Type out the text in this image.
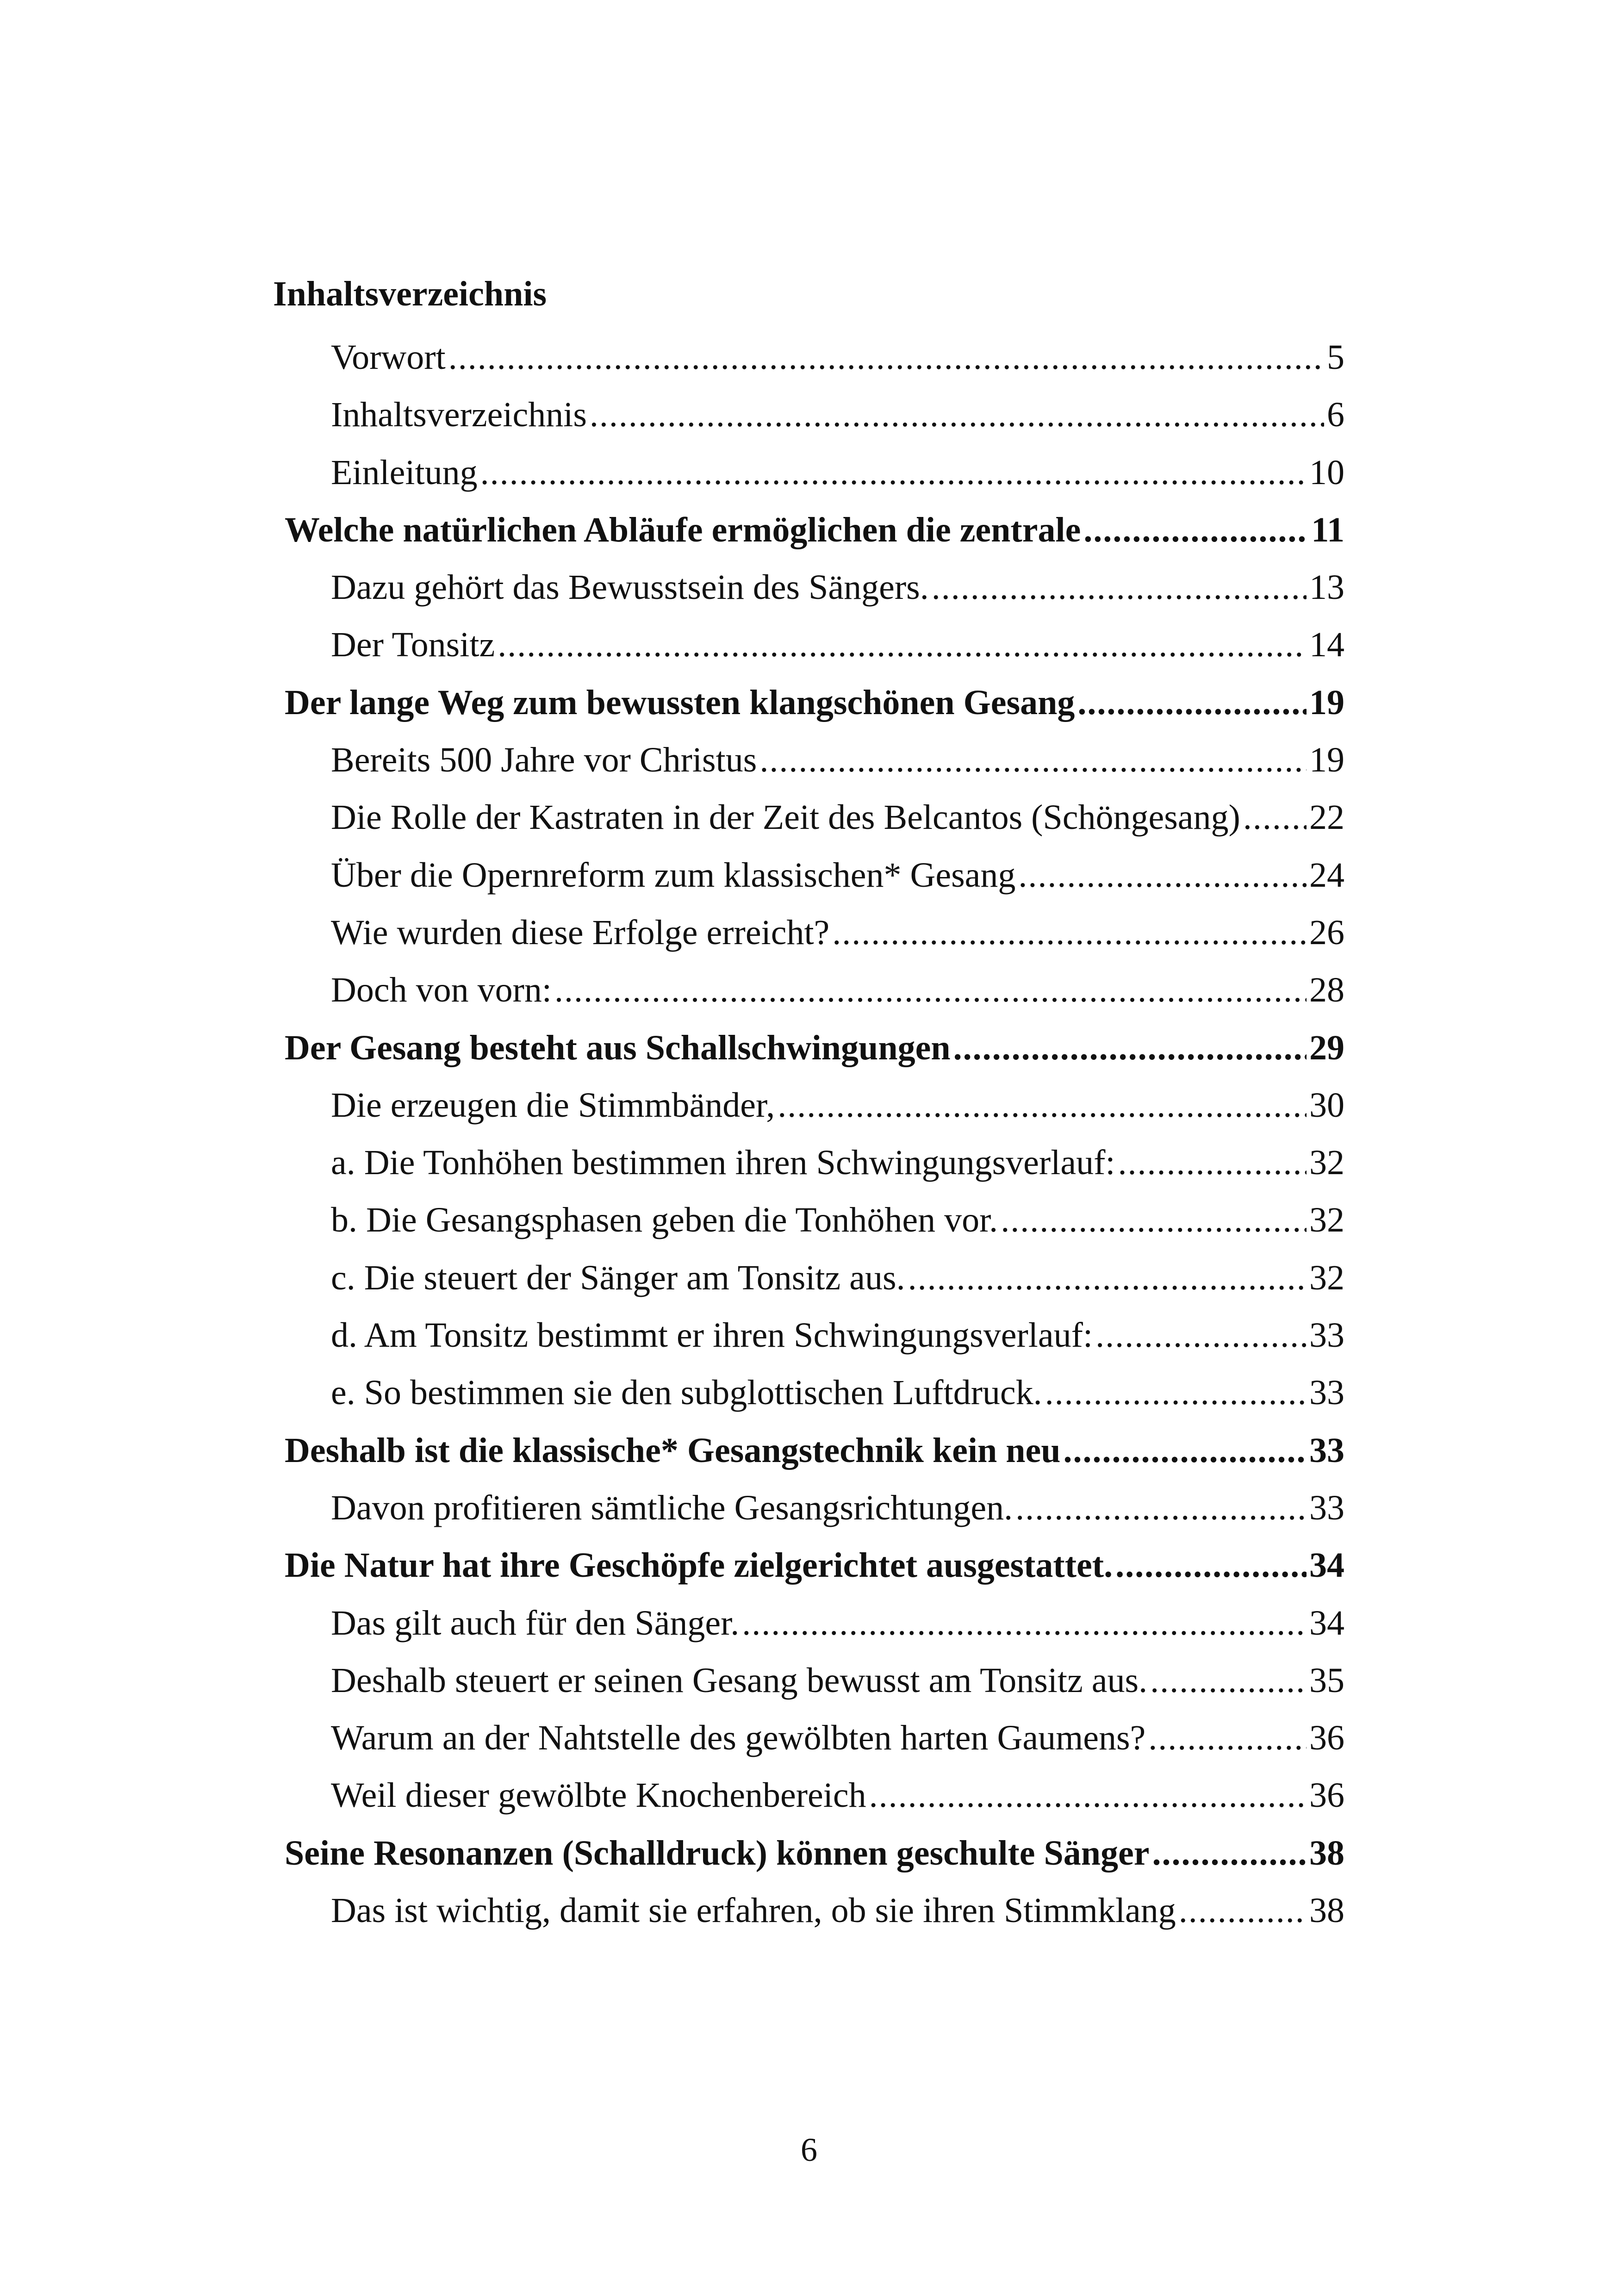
Inhaltsverzeichnis
Vorwort .....	5
Inhaltsverzeichnis .....	6
Einleitung .....	10
Welche natürlichen Abläufe ermöglichen die zentrale .....	11
Dazu gehört das Bewusstsein des Sängers. .....	13
Der Tonsitz .....	14
Der lange Weg zum bewussten klangschönen Gesang .....	19
Bereits 500 Jahre vor Christus .....	19
Die Rolle der Kastraten in der Zeit des Belcantos (Schöngesang) ..... 22
Über die Opernreform zum klassischen* Gesang .....	24
Wie wurden diese Erfolge erreicht? .....	26
Doch von vorn: .....	28
Der Gesang besteht aus Schallschwingungen .....	29
Die erzeugen die Stimmbänder, .....	30
a. Die Tonhöhen bestimmen ihren Schwingungsverlauf: .....	32
b. Die Gesangsphasen geben die Tonhöhen vor. .....	32
c. Die steuert der Sänger am Tonsitz aus. .....	32
d. Am Tonsitz bestimmt er ihren Schwingungsverlauf: .....	33
e. So bestimmen sie den subglottischen Luftdruck. .....	33
Deshalb ist die klassische* Gesangstechnik kein neu .....	33
Davon profitieren sämtliche Gesangsrichtungen. .....	33
Die Natur hat ihre Geschöpfe zielgerichtet ausgestattet. .....	34
Das gilt auch für den Sänger. .....	34
Deshalb steuert er seinen Gesang bewusst am Tonsitz aus. .....	35
Warum an der Nahtstelle des gewölbten harten Gaumens? .....	36
Weil dieser gewölbte Knochenbereich .....	36
Seine Resonanzen (Schalldruck) können geschulte Sänger .....	38
Das ist wichtig, damit sie erfahren, ob sie ihren Stimmklang .....	38
6
